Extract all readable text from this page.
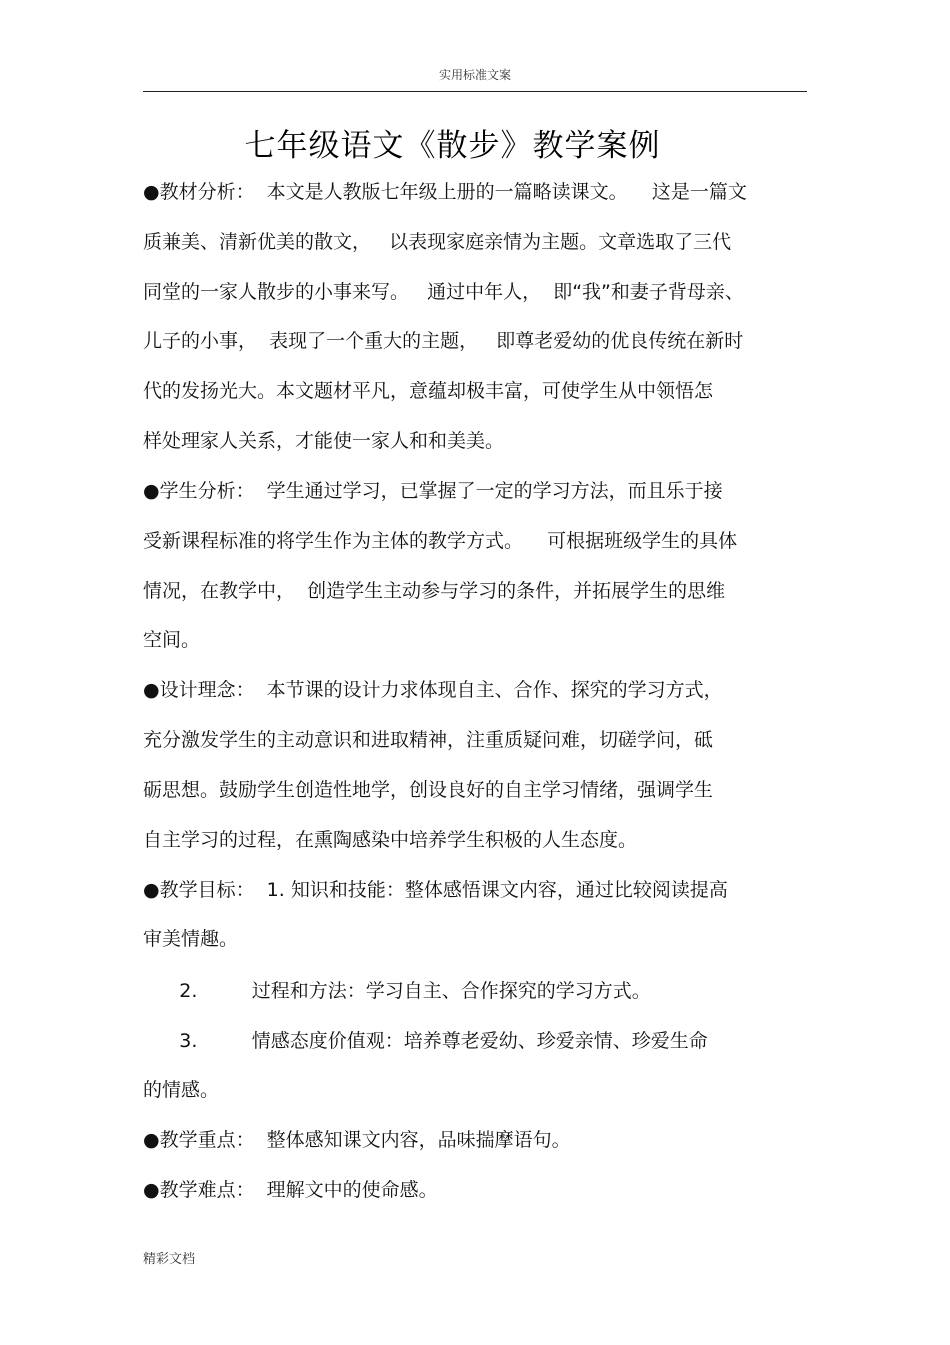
实用标准文案
七年级语文《散步》教学案例
●教材分析：  本文是人教版七年级上册的一篇略读课文。    这是一篇文
质兼美、清新优美的散文，   以表现家庭亲情为主题。文章选取了三代
同堂的一家人散步的小事来写。   通过中年人，  即“我”和妻子背母亲、
儿子的小事，  表现了一个重大的主题，   即尊老爱幼的优良传统在新时
代的发扬光大。本文题材平凡，意蕴却极丰富，可使学生从中领悟怎
样处理家人关系，才能使一家人和和美美。
●学生分析：  学生通过学习，已掌握了一定的学习方法，而且乐于接
受新课程标准的将学生作为主体的教学方式。    可根据班级学生的具体
情况，在教学中，  创造学生主动参与学习的条件，并拓展学生的思维
空间。
●设计理念：  本节课的设计力求体现自主、合作、探究的学习方式，
充分激发学生的主动意识和进取精神，注重质疑问难，切磋学问，砥
砺思想。鼓励学生创造性地学，创设良好的自主学习情绪，强调学生
自主学习的过程，在熏陶感染中培养学生积极的人生态度。
●教学目标：  1. 知识和技能：整体感悟课文内容，通过比较阅读提高
审美情趣。
2.         过程和方法：学习自主、合作探究的学习方式。
3.         情感态度价值观：培养尊老爱幼、珍爱亲情、珍爱生命
的情感。
●教学重点：  整体感知课文内容，品味揣摩语句。
●教学难点：  理解文中的使命感。
精彩文档
